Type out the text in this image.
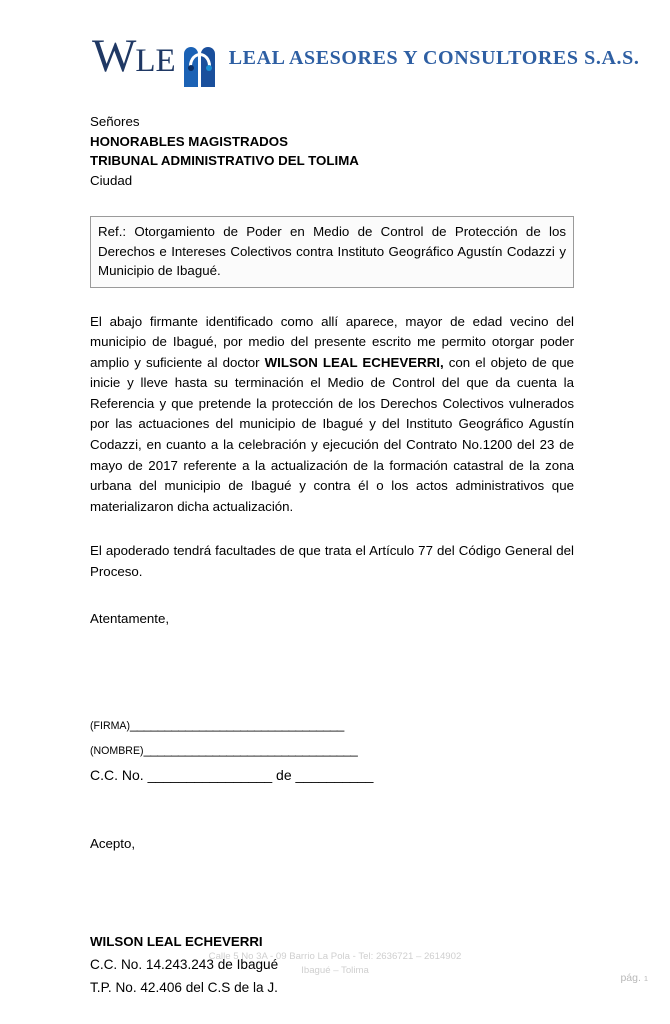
W LE	LEAL ASESORES Y CONSULTORES S.A.S.
Señores
HONORABLES MAGISTRADOS
TRIBUNAL ADMINISTRATIVO DEL TOLIMA
Ciudad

Ref.: Otorgamiento de Poder en Medio de Control de Protección de los Derechos e Intereses Colectivos contra Instituto Geográfico Agustín Codazzi y Municipio de Ibagué.

El abajo firmante identificado como allí aparece, mayor de edad vecino del municipio de Ibagué, por medio del presente escrito me permito otorgar poder amplio y suficiente al doctor WILSON LEAL ECHEVERRI, con el objeto de que inicie y lleve hasta su terminación el Medio de Control del que da cuenta la Referencia y que pretende la protección de los Derechos Colectivos vulnerados por las actuaciones del municipio de Ibagué y del Instituto Geográfico Agustín Codazzi, en cuanto a la celebración y ejecución del Contrato No.1200 del 23 de mayo de 2017 referente a la actualización de la formación catastral de la zona urbana del municipio de Ibagué y contra él o los actos administrativos que materializaron dicha actualización.

El apoderado tendrá facultades de que trata el Artículo 77 del Código General del Proceso.

Atentamente,
(FIRMA)_______________________________
(NOMBRE)_______________________________
C.C. No. ________________ de __________
Acepto,
WILSON LEAL ECHEVERRI
C.C. No. 14.243.243 de Ibagué
T.P. No. 42.406 del C.S de la J.
Calle 5 No 3A - 09 Barrio La Pola - Tel: 2636721 – 2614902
Ibagué – Tolima
pág. 1
